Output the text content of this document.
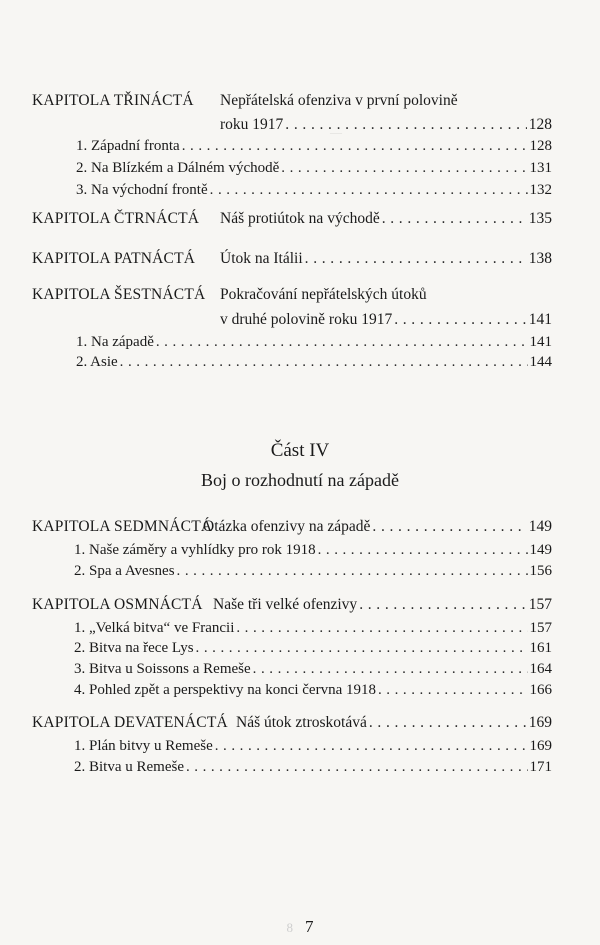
—
KAPITOLA TŘINÁCTÁ Nepřátelská ofenziva v první polovině
roku 1917 . . .	128
1. Západní fronta . . .	128
2. Na Blízkém a Dálném východě . . .	131
3. Na východní frontě . . .	132
KAPITOLA ČTRNÁCTÁ Náš protiútok na východě . . .	135
KAPITOLA PATNÁCTÁ Útok na Itálii . . .	138
KAPITOLA ŠESTNÁCTÁ Pokračování nepřátelských útoků
v druhé polovině roku 1917 . . .	141
1. Na západě . . .	141
2. Asie . . .	144
Část IV
Boj o rozhodnutí na západě
KAPITOLA SEDMNÁCTÁ
Otázka ofenzivy na západě . . .	149
1. Naše záměry a vyhlídky pro rok 1918 . . .	149
2. Spa a Avesnes . . .	156
KAPITOLA OSMNÁCTÁ Naše tři velké ofenzivy . . .	157
1. „Velká bitva“ ve Francii . . .	157
2. Bitva na řece Lys . . .	161
3. Bitva u Soissons a Remeše . . .	164
4. Pohled zpět a perspektivy na konci června 1918 . . .	166
KAPITOLA DEVATENÁCTÁ Náš útok ztroskotává . . .	169
1. Plán bitvy u Remeše . . .	169
2. Bitva u Remeše . . .	171
8 7
